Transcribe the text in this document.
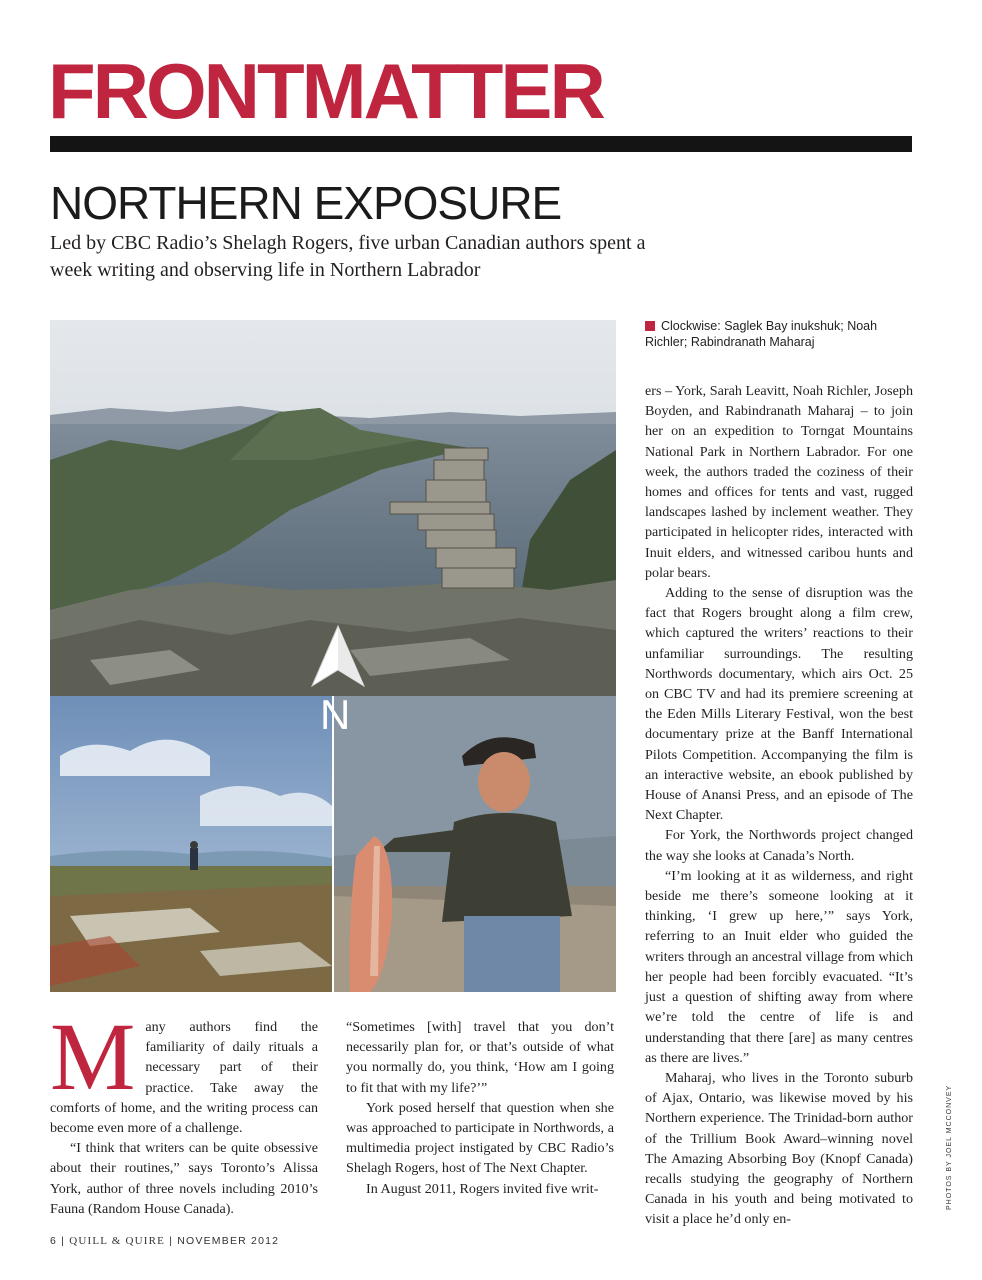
FRONTMATTER
NORTHERN EXPOSURE

Led by CBC Radio’s Shelagh Rogers, five urban Canadian authors spent a week writing and observing life in Northern Labrador

N
Clockwise: Saglek Bay inukshuk; Noah Richler; Rabindranath Maharaj
PHOTOS BY JOEL MCCONVEY
M any authors find the familiarity of daily rituals a necessary part of their practice. Take away the comforts of home, and the writing process can become even more of a challenge.

“I think that writers can be quite obsessive about their routines,” says Toronto’s Alissa York, author of three novels including 2010’s Fauna (Random House Canada).

“Sometimes [with] travel that you don’t necessarily plan for, or that’s outside of what you normally do, you think, ‘How am I going to fit that with my life?’”

York posed herself that question when she was approached to participate in Northwords, a multimedia project instigated by CBC Radio’s Shelagh Rogers, host of The Next Chapter.

In August 2011, Rogers invited five writ-

ers – York, Sarah Leavitt, Noah Richler, Joseph Boyden, and Rabindranath Maharaj – to join her on an expedition to Torngat Mountains National Park in Northern Labrador. For one week, the authors traded the coziness of their homes and offices for tents and vast, rugged landscapes lashed by inclement weather. They participated in helicopter rides, interacted with Inuit elders, and witnessed caribou hunts and polar bears.

Adding to the sense of disruption was the fact that Rogers brought along a film crew, which captured the writers’ reactions to their unfamiliar surroundings. The resulting Northwords documentary, which airs Oct. 25 on CBC TV and had its premiere screening at the Eden Mills Literary Festival, won the best documentary prize at the Banff International Pilots Competition. Accompanying the film is an interactive website, an ebook published by House of Anansi Press, and an episode of The Next Chapter.

For York, the Northwords project changed the way she looks at Canada’s North.

“I’m looking at it as wilderness, and right beside me there’s someone looking at it thinking, ‘I grew up here,’” says York, referring to an Inuit elder who guided the writers through an ancestral village from which her people had been forcibly evacuated. “It’s just a question of shifting away from where we’re told the centre of life is and understanding that there [are] as many centres as there are lives.”

Maharaj, who lives in the Toronto suburb of Ajax, Ontario, was likewise moved by his Northern experience. The Trinidad-born author of the Trillium Book Award–winning novel The Amazing Absorbing Boy (Knopf Canada) recalls studying the geography of Northern Canada in his youth and being motivated to visit a place he’d only en-

6 | QUILL & QUIRE | NOVEMBER 2012
